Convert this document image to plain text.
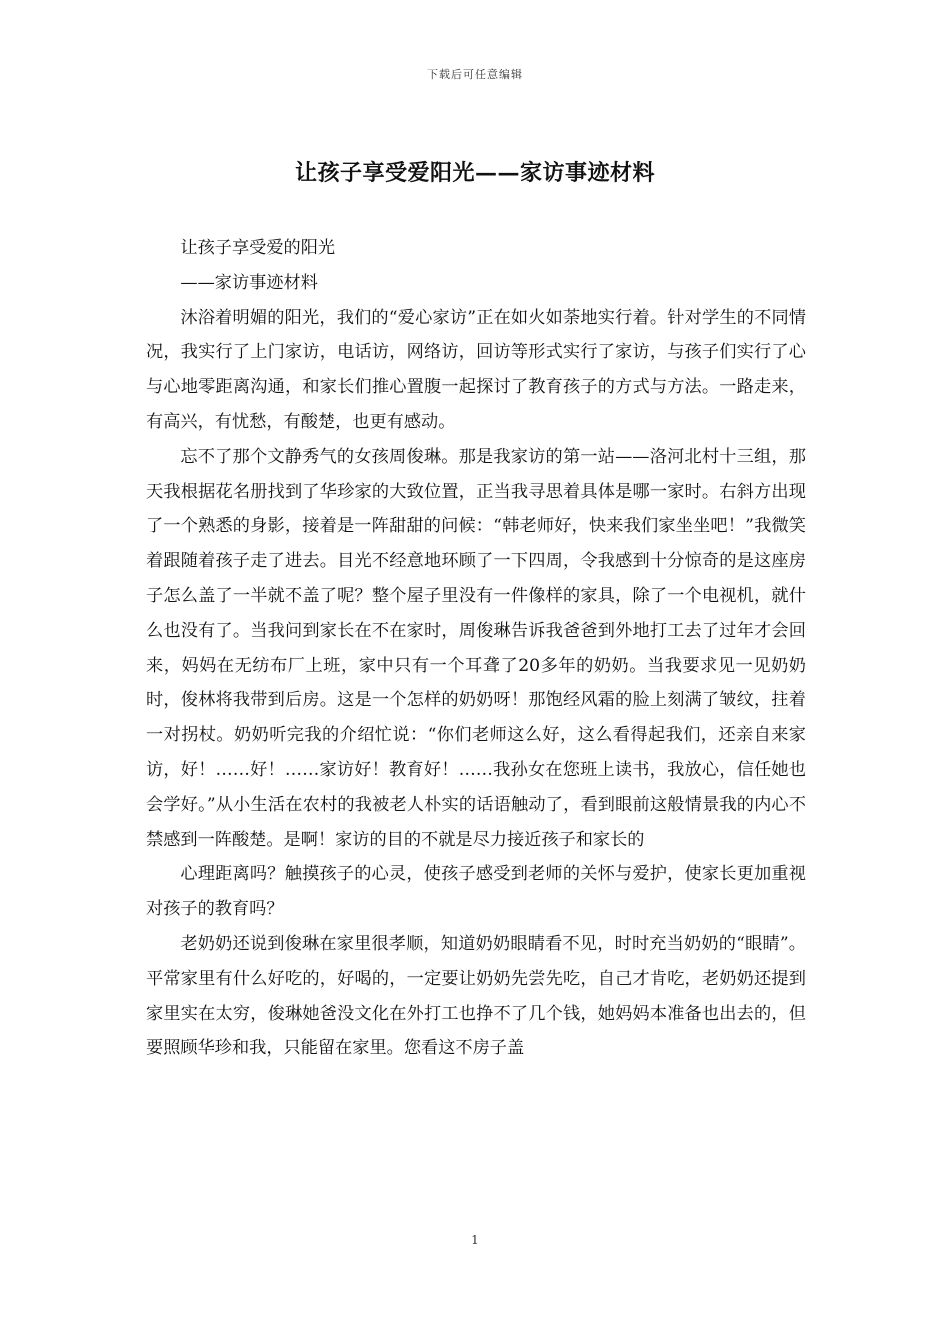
下载后可任意编辑
让孩子享受爱阳光——家访事迹材料

让孩子享受爱的阳光

——家访事迹材料

沐浴着明媚的阳光，我们的“爱心家访”正在如火如荼地实行着。针对学生的不同情况，我实行了上门家访，电话访，网络访，回访等形式实行了家访，与孩子们实行了心与心地零距离沟通，和家长们推心置腹一起探讨了教育孩子的方式与方法。一路走来，有高兴，有忧愁，有酸楚，也更有感动。

忘不了那个文静秀气的女孩周俊琳。那是我家访的第一站——洛河北村十三组，那天我根据花名册找到了华珍家的大致位置，正当我寻思着具体是哪一家时。右斜方出现了一个熟悉的身影，接着是一阵甜甜的问候：“韩老师好，快来我们家坐坐吧！”我微笑着跟随着孩子走了进去。目光不经意地环顾了一下四周，令我感到十分惊奇的是这座房子怎么盖了一半就不盖了呢？整个屋子里没有一件像样的家具，除了一个电视机，就什么也没有了。当我问到家长在不在家时，周俊琳告诉我爸爸到外地打工去了过年才会回来，妈妈在无纺布厂上班，家中只有一个耳聋了20多年的奶奶。当我要求见一见奶奶时，俊林将我带到后房。这是一个怎样的奶奶呀！那饱经风霜的脸上刻满了皱纹，拄着一对拐杖。奶奶听完我的介绍忙说：“你们老师这么好，这么看得起我们，还亲自来家访，好！……好！……家访好！教育好！……我孙女在您班上读书，我放心，信任她也会学好。”从小生活在农村的我被老人朴实的话语触动了，看到眼前这般情景我的内心不禁感到一阵酸楚。是啊！家访的目的不就是尽力接近孩子和家长的

心理距离吗？触摸孩子的心灵，使孩子感受到老师的关怀与爱护，使家长更加重视对孩子的教育吗？

老奶奶还说到俊琳在家里很孝顺，知道奶奶眼睛看不见，时时充当奶奶的“眼睛”。平常家里有什么好吃的，好喝的，一定要让奶奶先尝先吃，自己才肯吃，老奶奶还提到家里实在太穷，俊琳她爸没文化在外打工也挣不了几个钱，她妈妈本准备也出去的，但要照顾华珍和我，只能留在家里。您看这不房子盖

1
